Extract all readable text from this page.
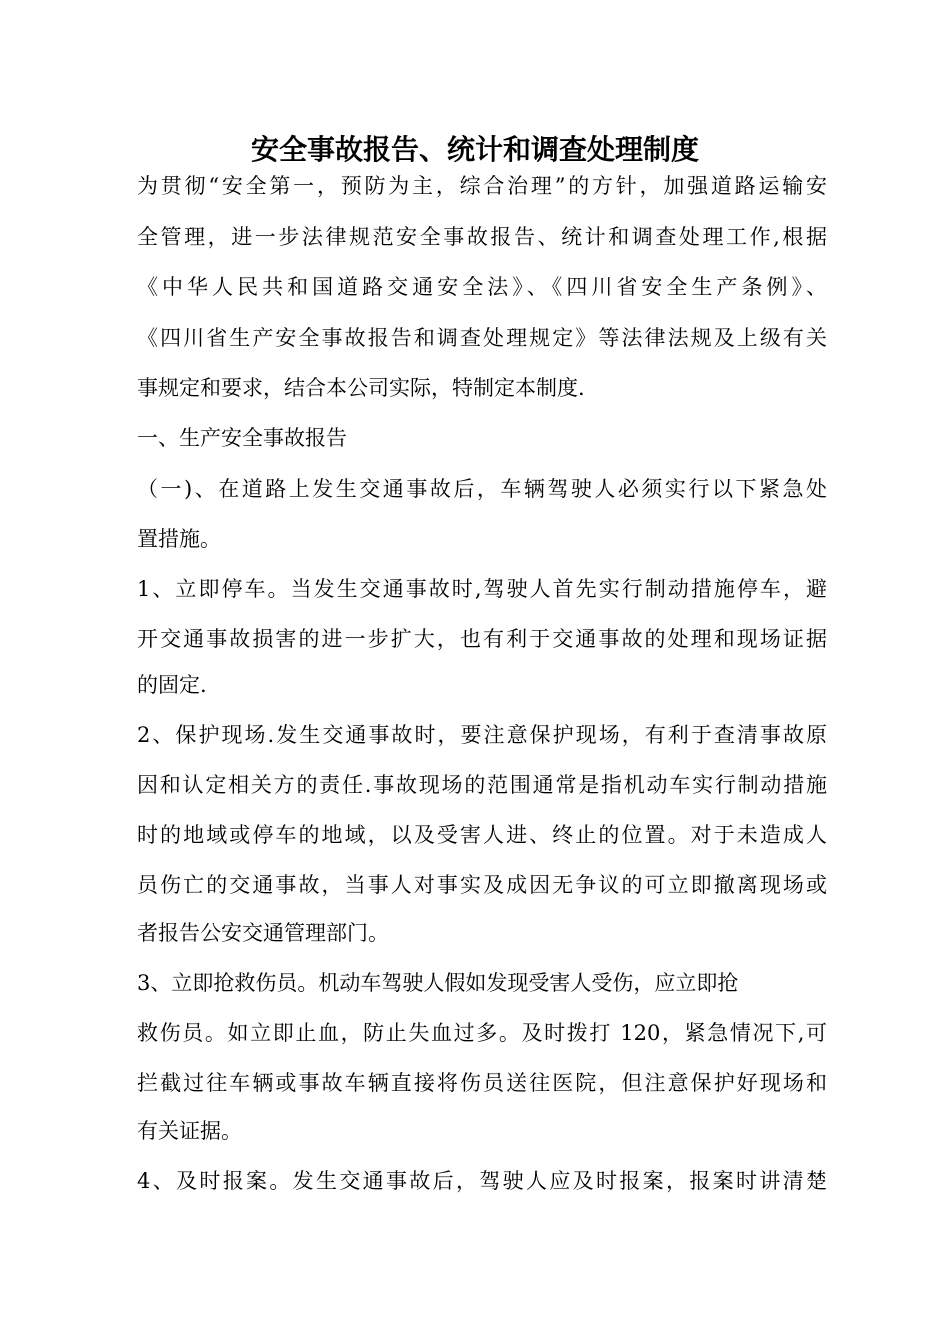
安全事故报告、统计和调查处理制度
为贯彻“安全第一，预防为主，综合治理”的方针，加强道路运输安
全管理，进一步法律规范安全事故报告、统计和调查处理工作,根据
《中华人民共和国道路交通安全法》、《四川省安全生产条例》、
《四川省生产安全事故报告和调查处理规定》等法律法规及上级有关
事规定和要求，结合本公司实际，特制定本制度.
一、生产安全事故报告
（一)、在道路上发生交通事故后，车辆驾驶人必须实行以下紧急处
置措施。
1、立即停车。当发生交通事故时,驾驶人首先实行制动措施停车，避
开交通事故损害的进一步扩大，也有利于交通事故的处理和现场证据
的固定.
2、保护现场.发生交通事故时，要注意保护现场，有利于查清事故原
因和认定相关方的责任.事故现场的范围通常是指机动车实行制动措施
时的地域或停车的地域，以及受害人进、终止的位置。对于未造成人
员伤亡的交通事故，当事人对事实及成因无争议的可立即撤离现场或
者报告公安交通管理部门。
3、立即抢救伤员。机动车驾驶人假如发现受害人受伤，应立即抢
救伤员。如立即止血，防止失血过多。及时拨打 120，紧急情况下,可
拦截过往车辆或事故车辆直接将伤员送往医院，但注意保护好现场和
有关证据。
4、及时报案。发生交通事故后，驾驶人应及时报案，报案时讲清楚
